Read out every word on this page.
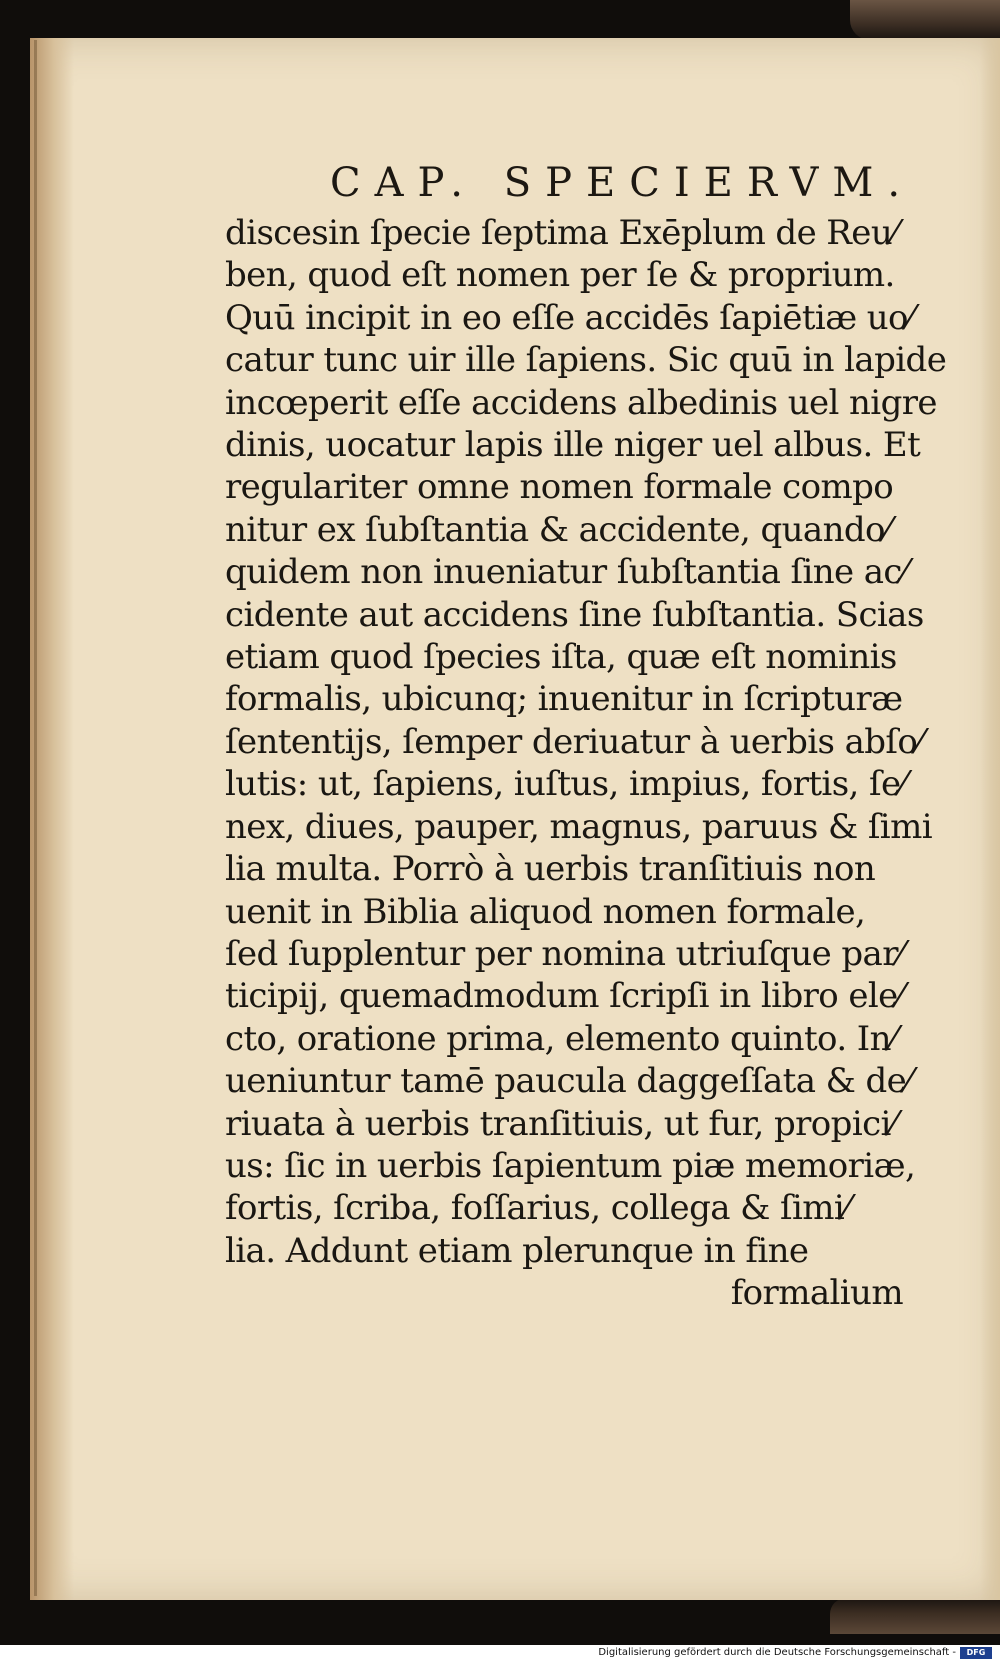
CAP. SPECIERVM.
discesin ſpecie ſeptima Exēplum de Reu⁄
ben, quod eſt nomen per ſe & proprium.
Quū incipit in eo eſſe accidēs ſapiētiæ uo⁄
catur tunc uir ille ſapiens. Sic quū in lapide
incœperit eſſe accidens albedinis uel nigre
dinis, uocatur lapis ille niger uel albus. Et
regulariter omne nomen formale compo
nitur ex ſubſtantia & accidente, quando⁄
quidem non inueniatur ſubſtantia ſine ac⁄
cidente aut accidens ſine ſubſtantia. Scias
etiam quod ſpecies iſta, quæ eſt nominis
formalis, ubicunq; inuenitur in ſcripturæ
ſententijs, ſemper deriuatur à uerbis abſo⁄
lutis: ut, ſapiens, iuſtus, impius, fortis, ſe⁄
nex, diues, pauper, magnus, paruus & ſimi
lia multa. Porrò à uerbis tranſitiuis non
uenit in Biblia aliquod nomen formale,
ſed ſupplentur per nomina utriuſque par⁄
ticipij, quemadmodum ſcripſi in libro ele⁄
cto, oratione prima, elemento quinto. In⁄
ueniuntur tamē paucula daggeſſata & de⁄
riuata à uerbis tranſitiuis, ut fur, propici⁄
us: ſic in uerbis ſapientum piæ memoriæ,
fortis, ſcriba, foſſarius, collega & ſimi⁄
lia. Addunt etiam plerunque in fine
formalium
Digitalisierung gefördert durch die Deutsche Forschungsgemeinschaft -	DFG
